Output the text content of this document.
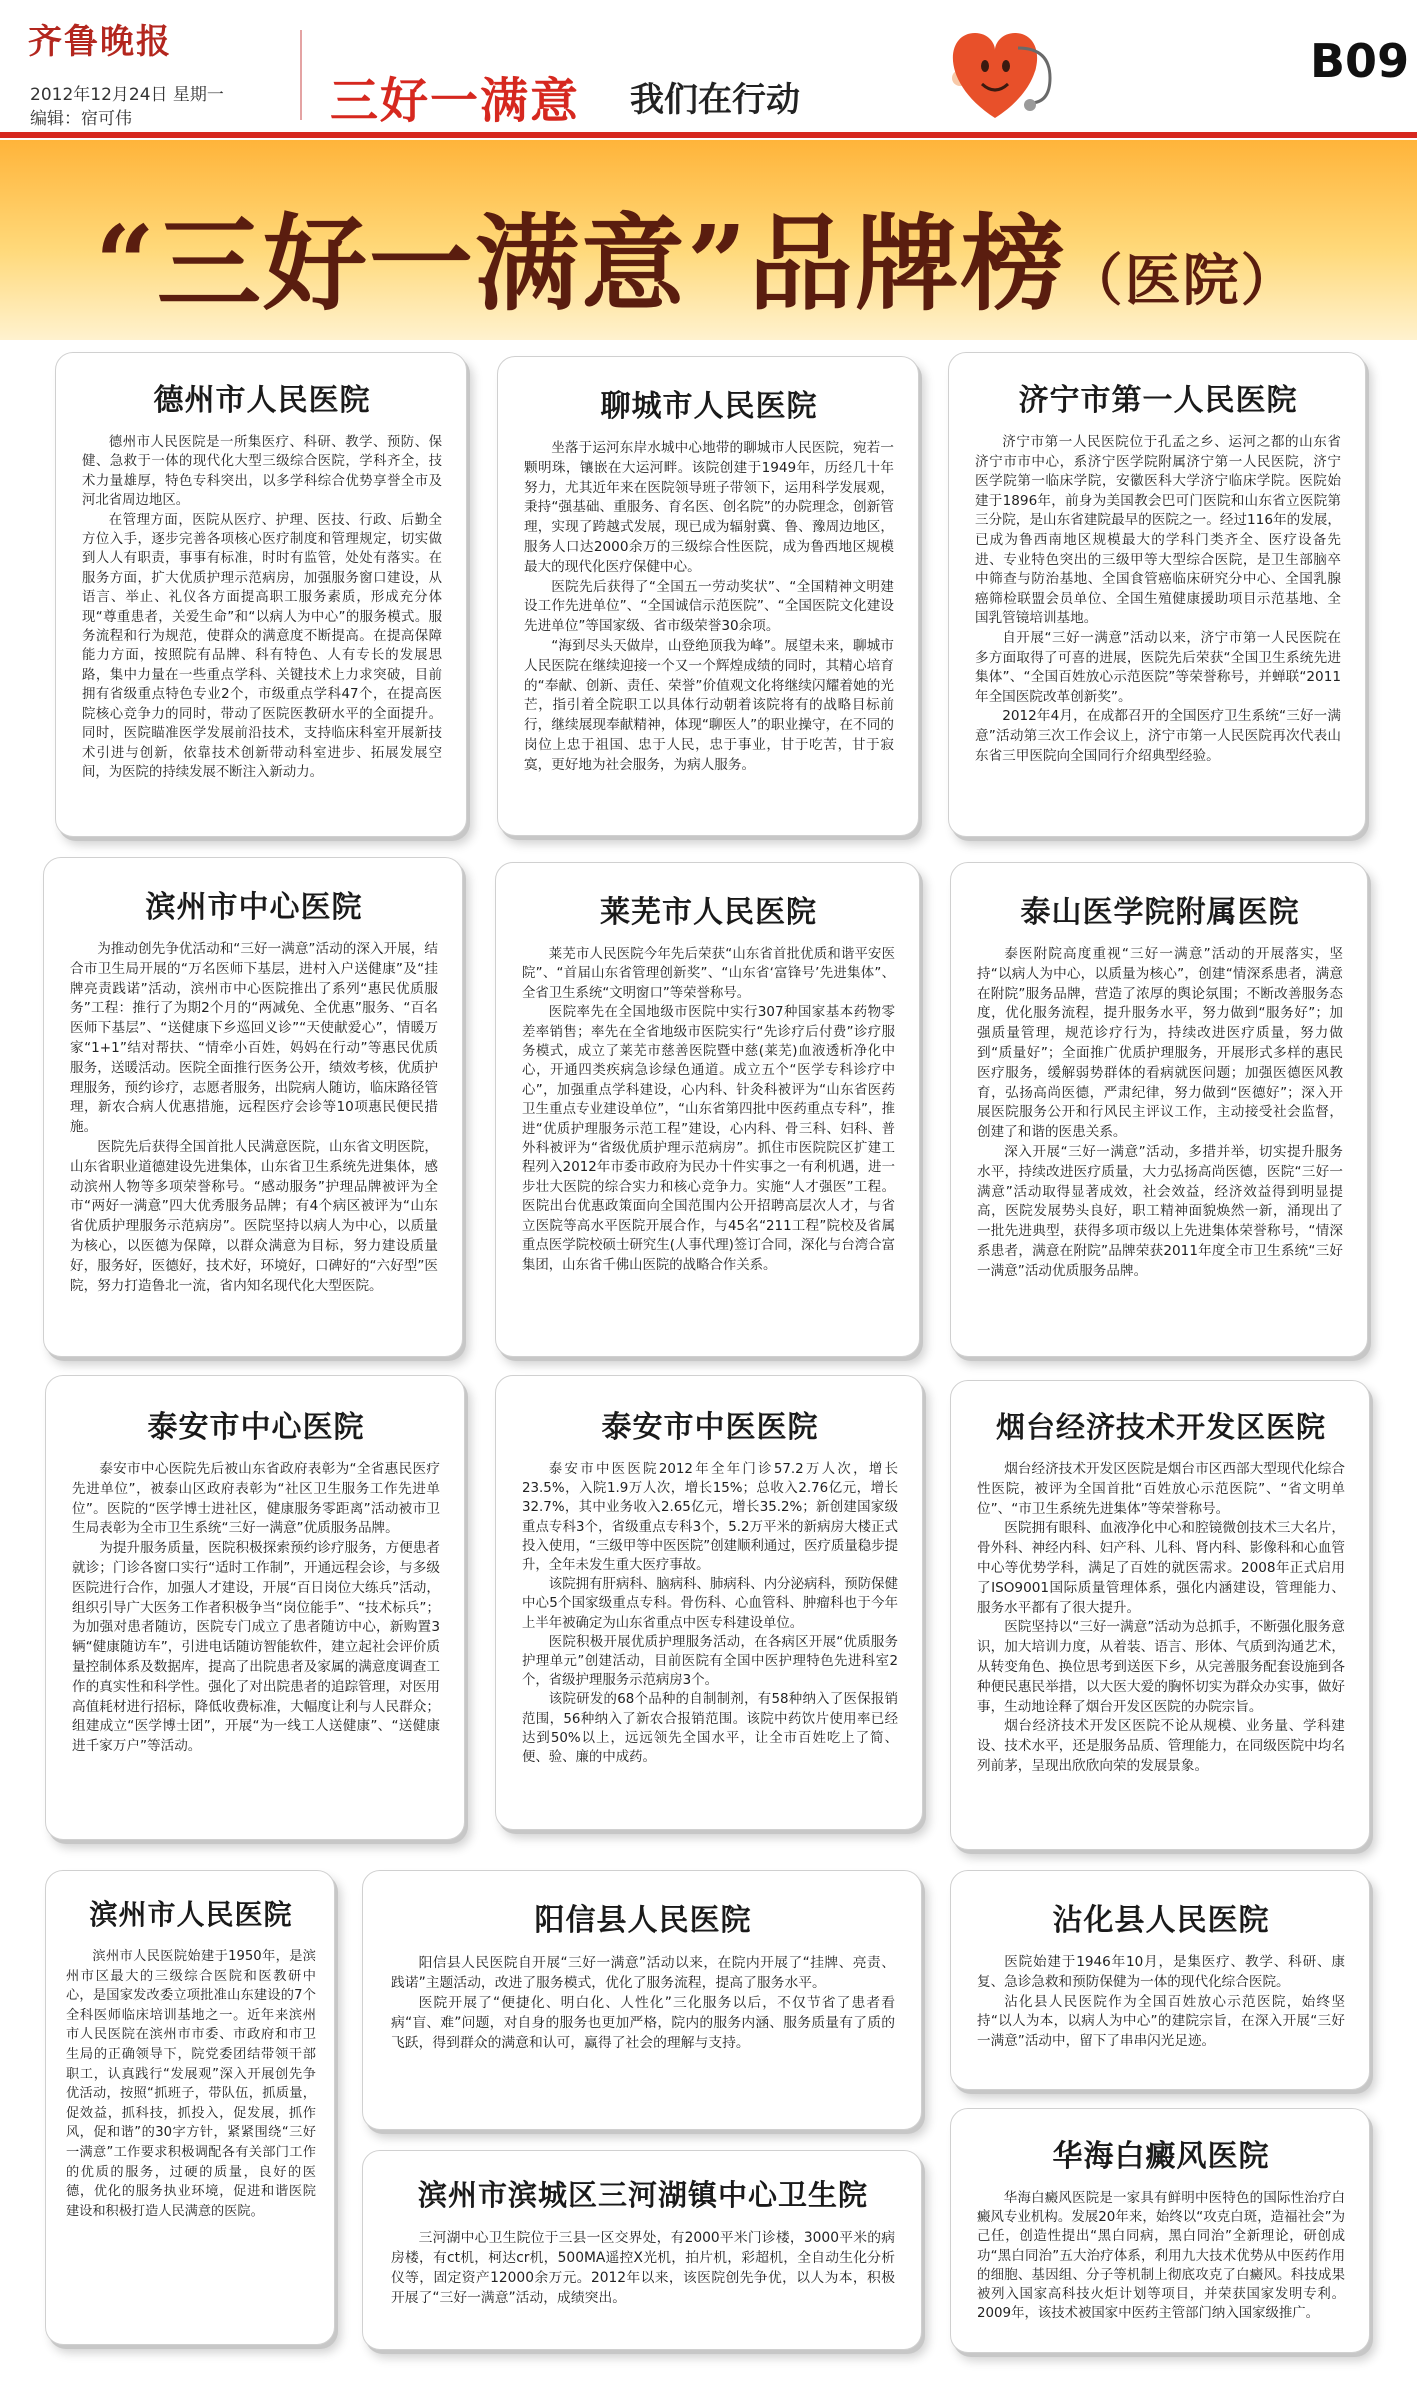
齐鲁晚报
2012年12月24日 星期一
编辑：宿可伟	三好一满意 我们在行动
B09
“三好一满意”品牌榜（医院）
德州市人民医院

德州市人民医院是一所集医疗、科研、教学、预防、保健、急救于一体的现代化大型三级综合医院，学科齐全，技术力量雄厚，特色专科突出，以多学科综合优势享誉全市及河北省周边地区。

在管理方面，医院从医疗、护理、医技、行政、后勤全方位入手，逐步完善各项核心医疗制度和管理规定，切实做到人人有职责，事事有标准，时时有监管，处处有落实。在服务方面，扩大优质护理示范病房，加强服务窗口建设，从语言、举止、礼仪各方面提高职工服务素质，形成充分体现“尊重患者，关爱生命”和“以病人为中心”的服务模式。服务流程和行为规范，使群众的满意度不断提高。在提高保障能力方面，按照院有品牌、科有特色、人有专长的发展思路，集中力量在一些重点学科、关键技术上力求突破，目前拥有省级重点特色专业2个，市级重点学科47个，在提高医院核心竞争力的同时，带动了医院医教研水平的全面提升。同时，医院瞄准医学发展前沿技术，支持临床科室开展新技术引进与创新，依靠技术创新带动科室进步、拓展发展空间，为医院的持续发展不断注入新动力。

聊城市人民医院

坐落于运河东岸水城中心地带的聊城市人民医院，宛若一颗明珠，镶嵌在大运河畔。该院创建于1949年，历经几十年努力，尤其近年来在医院领导班子带领下，运用科学发展观，秉持“强基础、重服务、育名医、创名院”的办院理念，创新管理，实现了跨越式发展，现已成为辐射冀、鲁、豫周边地区，服务人口达2000余万的三级综合性医院，成为鲁西地区规模最大的现代化医疗保健中心。

医院先后获得了“全国五一劳动奖状”、“全国精神文明建设工作先进单位”、“全国诚信示范医院”、“全国医院文化建设先进单位”等国家级、省市级荣誉30余项。

“海到尽头天做岸，山登绝顶我为峰”。展望未来，聊城市人民医院在继续迎接一个又一个辉煌成绩的同时，其精心培育的“奉献、创新、责任、荣誉”价值观文化将继续闪耀着她的光芒，指引着全院职工以具体行动朝着该院将有的战略目标前行，继续展现奉献精神，体现“聊医人”的职业操守，在不同的岗位上忠于祖国、忠于人民，忠于事业，甘于吃苦，甘于寂寞，更好地为社会服务，为病人服务。

济宁市第一人民医院

济宁市第一人民医院位于孔孟之乡、运河之都的山东省济宁市市中心，系济宁医学院附属济宁第一人民医院，济宁医学院第一临床学院，安徽医科大学济宁临床学院。医院始建于1896年，前身为美国教会巴可门医院和山东省立医院第三分院，是山东省建院最早的医院之一。经过116年的发展，已成为鲁西南地区规模最大的学科门类齐全、医疗设备先进、专业特色突出的三级甲等大型综合医院，是卫生部脑卒中筛查与防治基地、全国食管癌临床研究分中心、全国乳腺癌筛检联盟会员单位、全国生殖健康援助项目示范基地、全国乳管镜培训基地。

自开展“三好一满意”活动以来，济宁市第一人民医院在多方面取得了可喜的进展，医院先后荣获“全国卫生系统先进集体”、“全国百姓放心示范医院”等荣誉称号，并蝉联“2011年全国医院改革创新奖”。

2012年4月，在成都召开的全国医疗卫生系统“三好一满意”活动第三次工作会议上，济宁市第一人民医院再次代表山东省三甲医院向全国同行介绍典型经验。

滨州市中心医院

为推动创先争优活动和“三好一满意”活动的深入开展，结合市卫生局开展的“万名医师下基层，进村入户送健康”及“挂牌亮责践诺”活动，滨州市中心医院推出了系列“惠民优质服务”工程：推行了为期2个月的“两减免、全优惠”服务、“百名医师下基层”、“送健康下乡巡回义诊”“天使献爱心”，情暖万家“1+1”结对帮扶、“情牵小百姓，妈妈在行动”等惠民优质服务，送暖活动。医院全面推行医务公开，绩效考核，优质护理服务，预约诊疗，志愿者服务，出院病人随访，临床路径管理，新农合病人优惠措施，远程医疗会诊等10项惠民便民措施。

医院先后获得全国首批人民满意医院，山东省文明医院，山东省职业道德建设先进集体，山东省卫生系统先进集体，感动滨州人物等多项荣誉称号。“感动服务”护理品牌被评为全市“两好一满意”四大优秀服务品牌；有4个病区被评为“山东省优质护理服务示范病房”。医院坚持以病人为中心，以质量为核心，以医德为保障，以群众满意为目标，努力建设质量好，服务好，医德好，技术好，环境好，口碑好的“六好型”医院，努力打造鲁北一流，省内知名现代化大型医院。

莱芜市人民医院

莱芜市人民医院今年先后荣获“山东省首批优质和谐平安医院”、“首届山东省管理创新奖”、“山东省‘富锋号’先进集体”、全省卫生系统“文明窗口”等荣誉称号。

医院率先在全国地级市医院中实行307种国家基本药物零差率销售；率先在全省地级市医院实行“先诊疗后付费”诊疗服务模式，成立了莱芜市慈善医院暨中慈(莱芜)血液透析净化中心，开通四类疾病急诊绿色通道。成立五个“医学专科诊疗中心”，加强重点学科建设，心内科、针灸科被评为“山东省医药卫生重点专业建设单位”，“山东省第四批中医药重点专科”，推进“优质护理服务示范工程”建设，心内科、骨三科、妇科、普外科被评为“省级优质护理示范病房”。抓住市医院院区扩建工程列入2012年市委市政府为民办十件实事之一有利机遇，进一步壮大医院的综合实力和核心竞争力。实施“人才强医”工程。医院出台优惠政策面向全国范围内公开招聘高层次人才，与省立医院等高水平医院开展合作，与45名“211工程”院校及省属重点医学院校硕士研究生(人事代理)签订合同，深化与台湾合富集团，山东省千佛山医院的战略合作关系。

泰山医学院附属医院

泰医附院高度重视“三好一满意”活动的开展落实，坚持“以病人为中心，以质量为核心”，创建“情深系患者，满意在附院”服务品牌，营造了浓厚的舆论氛围；不断改善服务态度，优化服务流程，提升服务水平，努力做到“服务好”；加强质量管理，规范诊疗行为，持续改进医疗质量，努力做到“质量好”；全面推广优质护理服务，开展形式多样的惠民医疗服务，缓解弱势群体的看病就医问题；加强医德医风教育，弘扬高尚医德，严肃纪律，努力做到“医德好”；深入开展医院服务公开和行风民主评议工作，主动接受社会监督，创建了和谐的医患关系。

深入开展“三好一满意”活动，多措并举，切实提升服务水平，持续改进医疗质量，大力弘扬高尚医德，医院“三好一满意”活动取得显著成效，社会效益，经济效益得到明显提高，医院发展势头良好，职工精神面貌焕然一新，涌现出了一批先进典型，获得多项市级以上先进集体荣誉称号，“情深系患者，满意在附院”品牌荣获2011年度全市卫生系统“三好一满意”活动优质服务品牌。

泰安市中心医院

泰安市中心医院先后被山东省政府表彰为“全省惠民医疗先进单位”，被泰山区政府表彰为“社区卫生服务工作先进单位”。医院的“医学博士进社区，健康服务零距离”活动被市卫生局表彰为全市卫生系统“三好一满意”优质服务品牌。

为提升服务质量，医院积极探索预约诊疗服务，方便患者就诊；门诊各窗口实行“适时工作制”，开通远程会诊，与多级医院进行合作，加强人才建设，开展“百日岗位大练兵”活动，组织引导广大医务工作者积极争当“岗位能手”、“技术标兵”；为加强对患者随访，医院专门成立了患者随访中心，新购置3辆“健康随访车”，引进电话随访智能软件，建立起社会评价质量控制体系及数据库，提高了出院患者及家属的满意度调查工作的真实性和科学性。强化了对出院患者的追踪管理，对医用高值耗材进行招标，降低收费标准，大幅度让利与人民群众；组建成立“医学博士团”，开展“为一线工人送健康”、“送健康进千家万户”等活动。

泰安市中医医院

泰安市中医医院2012年全年门诊57.2万人次，增长23.5%，入院1.9万人次，增长15%；总收入2.76亿元，增长32.7%，其中业务收入2.65亿元，增长35.2%；新创建国家级重点专科3个，省级重点专科3个，5.2万平米的新病房大楼正式投入使用，“三级甲等中医医院”创建顺利通过，医疗质量稳步提升，全年未发生重大医疗事故。

该院拥有肝病科、脑病科、肺病科、内分泌病科，预防保健中心5个国家级重点专科。骨伤科、心血管科、肿瘤科也于今年上半年被确定为山东省重点中医专科建设单位。

医院积极开展优质护理服务活动，在各病区开展“优质服务护理单元”创建活动，目前医院有全国中医护理特色先进科室2个，省级护理服务示范病房3个。

该院研发的68个品种的自制制剂，有58种纳入了医保报销范围，56种纳入了新农合报销范围。该院中药饮片使用率已经达到50%以上，远远领先全国水平，让全市百姓吃上了简、便、验、廉的中成药。

烟台经济技术开发区医院

烟台经济技术开发区医院是烟台市区西部大型现代化综合性医院，被评为全国首批“百姓放心示范医院”、“省文明单位”、“市卫生系统先进集体”等荣誉称号。

医院拥有眼科、血液净化中心和腔镜微创技术三大名片，骨外科、神经内科、妇产科、儿科、肾内科、影像科和心血管中心等优势学科，满足了百姓的就医需求。2008年正式启用了ISO9001国际质量管理体系，强化内涵建设，管理能力、服务水平都有了很大提升。

医院坚持以“三好一满意”活动为总抓手，不断强化服务意识，加大培训力度，从着装、语言、形体、气质到沟通艺术，从转变角色、换位思考到送医下乡，从完善服务配套设施到各种便民惠民举措，以大医大爱的胸怀切实为群众办实事，做好事，生动地诠释了烟台开发区医院的办院宗旨。

烟台经济技术开发区医院不论从规模、业务量、学科建设、技术水平，还是服务品质、管理能力，在同级医院中均名列前茅，呈现出欣欣向荣的发展景象。

滨州市人民医院

滨州市人民医院始建于1950年，是滨州市区最大的三级综合医院和医教研中心，是国家发改委立项批准山东建设的7个全科医师临床培训基地之一。近年来滨州市人民医院在滨州市市委、市政府和市卫生局的正确领导下，院党委团结带领干部职工，认真践行“发展观”深入开展创先争优活动，按照“抓班子，带队伍，抓质量，促效益，抓科技，抓投入，促发展，抓作风，促和谐”的30字方针，紧紧围绕“三好一满意”工作要求积极调配各有关部门工作的优质的服务，过硬的质量，良好的医德，优化的服务执业环境，促进和谐医院建设和积极打造人民满意的医院。

阳信县人民医院

阳信县人民医院自开展“三好一满意”活动以来，在院内开展了“挂牌、亮责、践诺”主题活动，改进了服务模式，优化了服务流程，提高了服务水平。

医院开展了“便捷化、明白化、人性化”三化服务以后，不仅节省了患者看病“盲、难”问题，对自身的服务也更加严格，院内的服务内涵、服务质量有了质的飞跃，得到群众的满意和认可，赢得了社会的理解与支持。

滨州市滨城区三河湖镇中心卫生院

三河湖中心卫生院位于三县一区交界处，有2000平米门诊楼，3000平米的病房楼，有ct机，柯达cr机，500MA遥控X光机，拍片机，彩超机，全自动生化分析仪等，固定资产12000余万元。2012年以来，该医院创先争优，以人为本，积极开展了“三好一满意”活动，成绩突出。

沾化县人民医院

医院始建于1946年10月，是集医疗、教学、科研、康复、急诊急救和预防保健为一体的现代化综合医院。

沾化县人民医院作为全国百姓放心示范医院，始终坚持“以人为本，以病人为中心”的建院宗旨，在深入开展“三好一满意”活动中，留下了串串闪光足迹。

华海白癜风医院

华海白癜风医院是一家具有鲜明中医特色的国际性治疗白癜风专业机构。发展20年来，始终以“攻克白斑，造福社会”为己任，创造性提出“黑白同病，黑白同治”全新理论，研创成功“黑白同治”五大治疗体系，利用九大技术优势从中医药作用的细胞、基因组、分子等机制上彻底攻克了白癜风。科技成果被列入国家高科技火炬计划等项目，并荣获国家发明专利。2009年，该技术被国家中医药主管部门纳入国家级推广。
